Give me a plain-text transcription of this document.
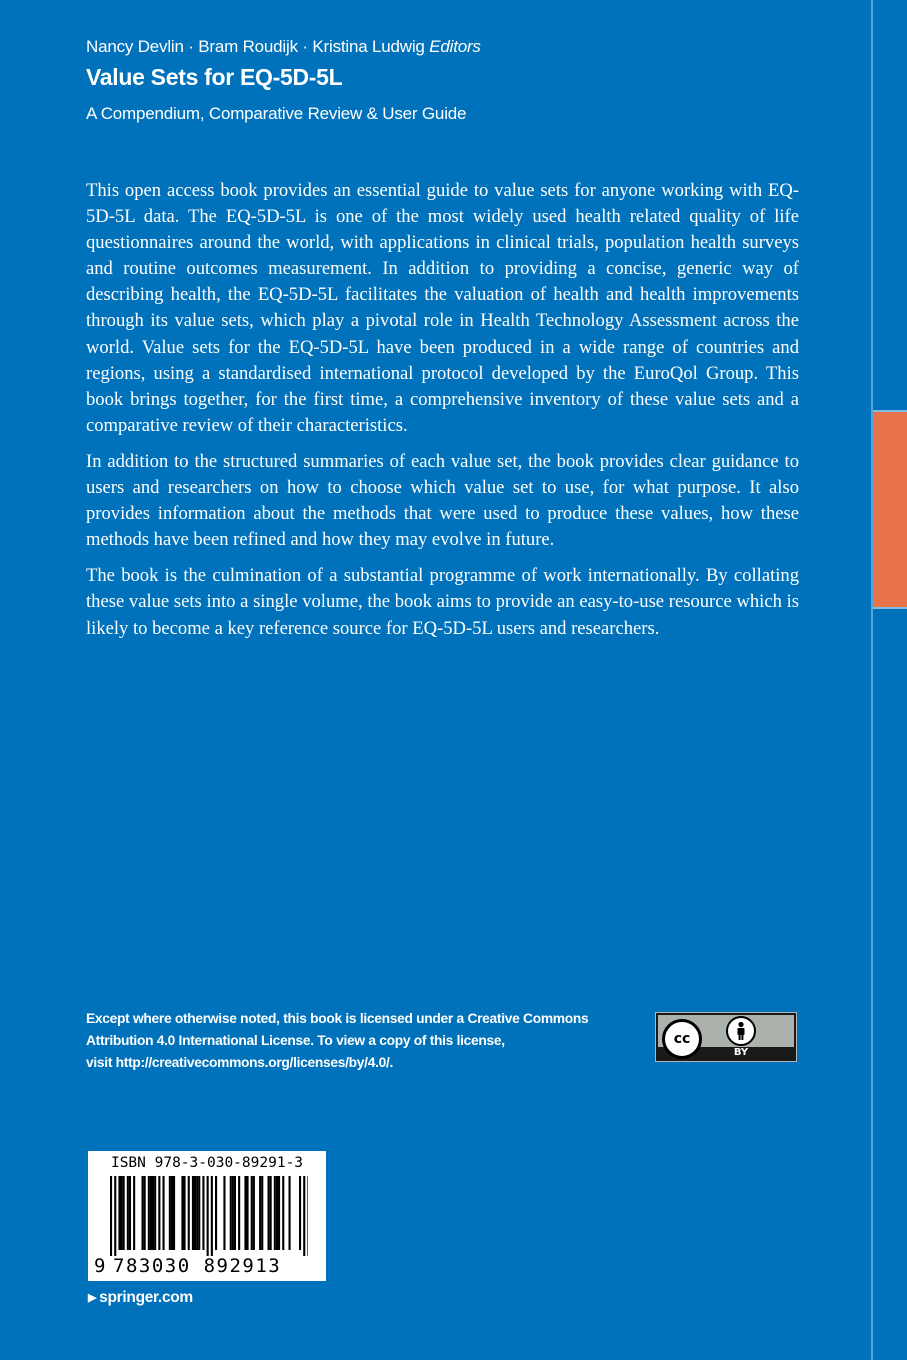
Nancy Devlin · Bram Roudijk · Kristina Ludwig Editors
Value Sets for EQ-5D-5L
A Compendium, Comparative Review & User Guide

This open access book provides an essential guide to value sets for anyone working with EQ-5D-5L data. The EQ-5D-5L is one of the most widely used health related quality of life questionnaires around the world, with applications in clinical trials, population health surveys and routine outcomes measurement. In addition to providing a concise, generic way of describing health, the EQ-5D-5L facilitates the valuation of health and health improvements through its value sets, which play a pivotal role in Health Technology Assessment across the world. Value sets for the EQ-5D-5L have been produced in a wide range of countries and regions, using a standardised international protocol developed by the EuroQol Group. This book brings together, for the first time, a comprehensive inventory of these value sets and a comparative review of their characteristics.

In addition to the structured summaries of each value set, the book provides clear guidance to users and researchers on how to choose which value set to use, for what purpose. It also provides information about the methods that were used to produce these values, how these methods have been refined and how they may evolve in future.

The book is the culmination of a substantial programme of work internationally. By collating these value sets into a single volume, the book aims to provide an easy-to-use resource which is likely to become a key reference source for EQ-5D-5L users and researchers.

Except where otherwise noted, this book is licensed under a Creative Commons
Attribution 4.0 International License. To view a copy of this license,
visit http://creativecommons.org/licenses/by/4.0/.
cc
BY
ISBN 978-3-030-89291-3
9 783030 892913
▶ springer.com
